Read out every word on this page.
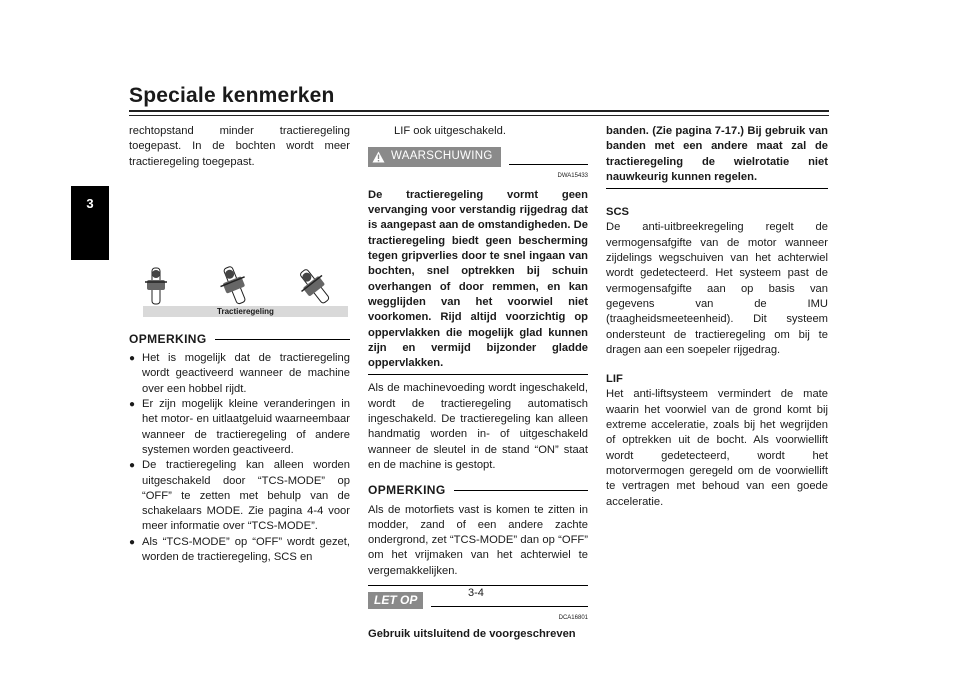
Speciale kenmerken
3
rechtopstand minder tractieregeling toegepast. In de bochten wordt meer tractieregeling toegepast.
Tractieregeling
OPMERKING
● Het is mogelijk dat de tractieregeling wordt geactiveerd wanneer de machine over een hobbel rijdt.
● Er zijn mogelijk kleine veranderingen in het motor- en uitlaatgeluid waarneembaar wanneer de tractieregeling of andere systemen worden geactiveerd.
● De tractieregeling kan alleen worden uitgeschakeld door “TCS-MODE” op “OFF” te zetten met behulp van de schakelaars MODE. Zie pagina 4-4 voor meer informatie over “TCS-MODE”.
● Als “TCS-MODE” op “OFF” wordt gezet, worden de tractieregeling, SCS en
LIF ook uitgeschakeld.
WAARSCHUWING
DWA15433
De tractieregeling vormt geen vervanging voor verstandig rijgedrag dat is aangepast aan de omstandigheden. De tractieregeling biedt geen bescherming tegen gripverlies door te snel ingaan van bochten, snel optrekken bij schuin overhangen of door remmen, en kan wegglijden van het voorwiel niet voorkomen. Rijd altijd voorzichtig op oppervlakken die mogelijk glad kunnen zijn en vermijd bijzonder gladde oppervlakken.
Als de machinevoeding wordt ingeschakeld, wordt de tractieregeling automatisch ingeschakeld. De tractieregeling kan alleen handmatig worden in- of uitgeschakeld wanneer de sleutel in de stand “ON” staat en de machine is gestopt.
OPMERKING
Als de motorfiets vast is komen te zitten in modder, zand of een andere zachte ondergrond, zet “TCS-MODE” dan op “OFF” om het vrijmaken van het achterwiel te vergemakkelijken.
LET OP
DCA16801
Gebruik uitsluitend de voorgeschreven
banden. (Zie pagina 7-17.) Bij gebruik van banden met een andere maat zal de tractieregeling de wielrotatie niet nauwkeurig kunnen regelen.
SCS
De anti-uitbreekregeling regelt de vermogensafgifte van de motor wanneer zijdelings wegschuiven van het achterwiel wordt gedetecteerd. Het systeem past de vermogensafgifte aan op basis van gegevens van de IMU (traagheidsmeeteenheid). Dit systeem ondersteunt de tractieregeling om bij te dragen aan een soepeler rijgedrag.
LIF
Het anti-liftsysteem vermindert de mate waarin het voorwiel van de grond komt bij extreme acceleratie, zoals bij het wegrijden of optrekken uit de bocht. Als voorwiellift wordt gedetecteerd, wordt het motorvermogen geregeld om de voorwiellift te vertragen met behoud van een goede acceleratie.
3-4
